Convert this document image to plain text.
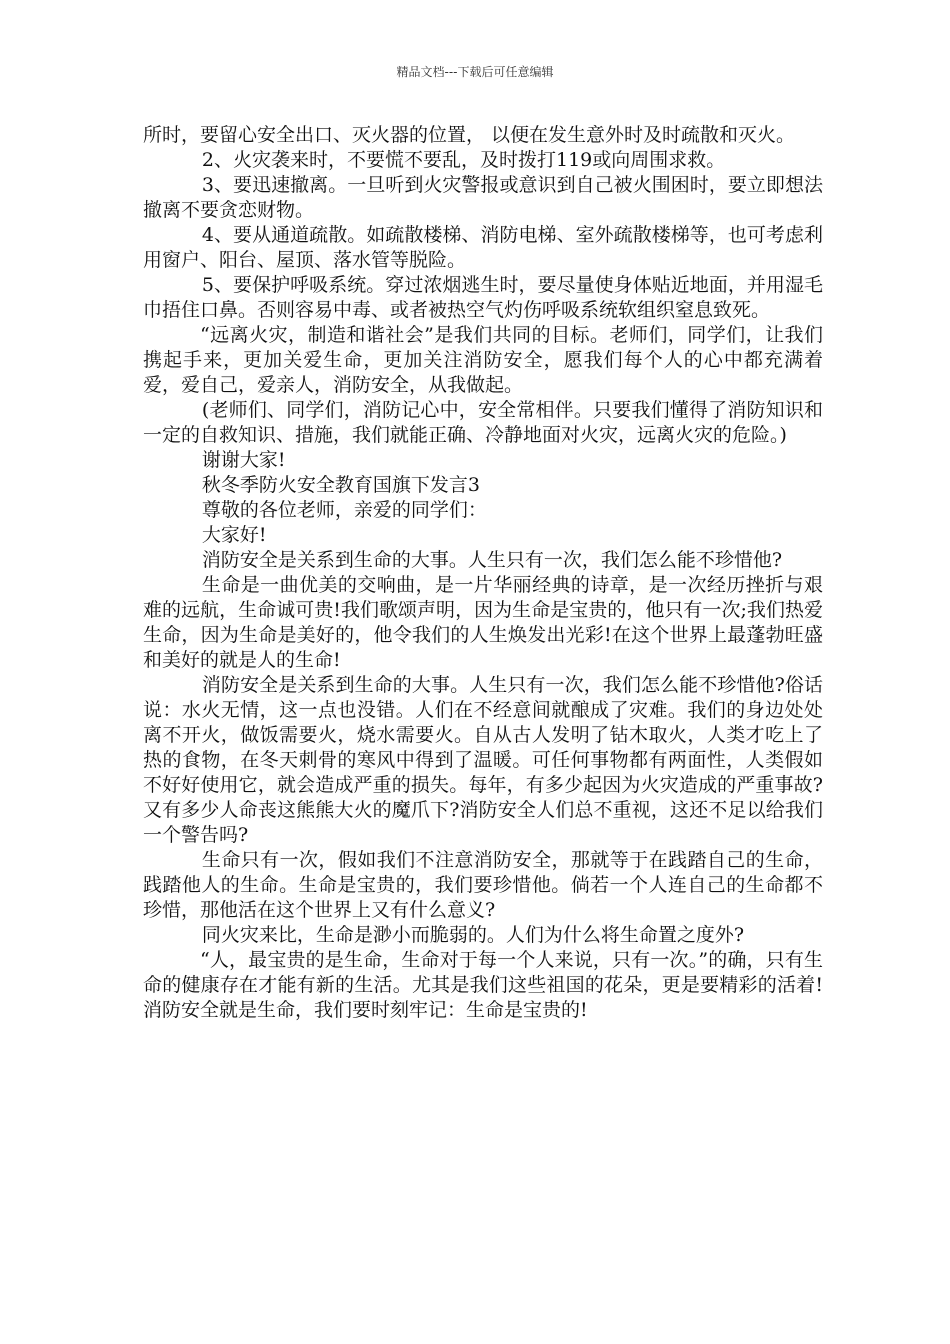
精品文档---下载后可任意编辑

所时，要留心安全出口、灭火器的位置， 以便在发生意外时及时疏散和灭火。

2、火灾袭来时，不要慌不要乱，及时拨打119或向周围求救。

3、要迅速撤离。一旦听到火灾警报或意识到自己被火围困时，要立即想法撤离不要贪恋财物。

4、要从通道疏散。如疏散楼梯、消防电梯、室外疏散楼梯等，也可考虑利用窗户、阳台、屋顶、落水管等脱险。

5、要保护呼吸系统。穿过浓烟逃生时，要尽量使身体贴近地面，并用湿毛巾捂住口鼻。否则容易中毒、或者被热空气灼伤呼吸系统软组织窒息致死。

“远离火灾，制造和谐社会”是我们共同的目标。老师们，同学们，让我们携起手来，更加关爱生命，更加关注消防安全，愿我们每个人的心中都充满着爱，爱自己，爱亲人，消防安全，从我做起。

(老师们、同学们，消防记心中，安全常相伴。只要我们懂得了消防知识和一定的自救知识、措施，我们就能正确、冷静地面对火灾，远离火灾的危险。)

谢谢大家!

秋冬季防火安全教育国旗下发言3

尊敬的各位老师，亲爱的同学们：

大家好!

消防安全是关系到生命的大事。人生只有一次，我们怎么能不珍惜他?

生命是一曲优美的交响曲，是一片华丽经典的诗章，是一次经历挫折与艰难的远航，生命诚可贵!我们歌颂声明，因为生命是宝贵的，他只有一次;我们热爱生命，因为生命是美好的，他令我们的人生焕发出光彩!在这个世界上最蓬勃旺盛和美好的就是人的生命!

消防安全是关系到生命的大事。人生只有一次，我们怎么能不珍惜他?俗话说：水火无情，这一点也没错。人们在不经意间就酿成了灾难。我们的身边处处离不开火，做饭需要火，烧水需要火。自从古人发明了钻木取火，人类才吃上了热的食物，在冬天刺骨的寒风中得到了温暖。可任何事物都有两面性，人类假如不好好使用它，就会造成严重的损失。每年，有多少起因为火灾造成的严重事故?又有多少人命丧这熊熊大火的魔爪下?消防安全人们总不重视，这还不足以给我们一个警告吗?

生命只有一次，假如我们不注意消防安全，那就等于在践踏自己的生命，践踏他人的生命。生命是宝贵的，我们要珍惜他。倘若一个人连自己的生命都不珍惜，那他活在这个世界上又有什么意义?

同火灾来比，生命是渺小而脆弱的。人们为什么将生命置之度外?

“人，最宝贵的是生命，生命对于每一个人来说，只有一次。”的确，只有生命的健康存在才能有新的生活。尤其是我们这些祖国的花朵，更是要精彩的活着!消防安全就是生命，我们要时刻牢记：生命是宝贵的!
